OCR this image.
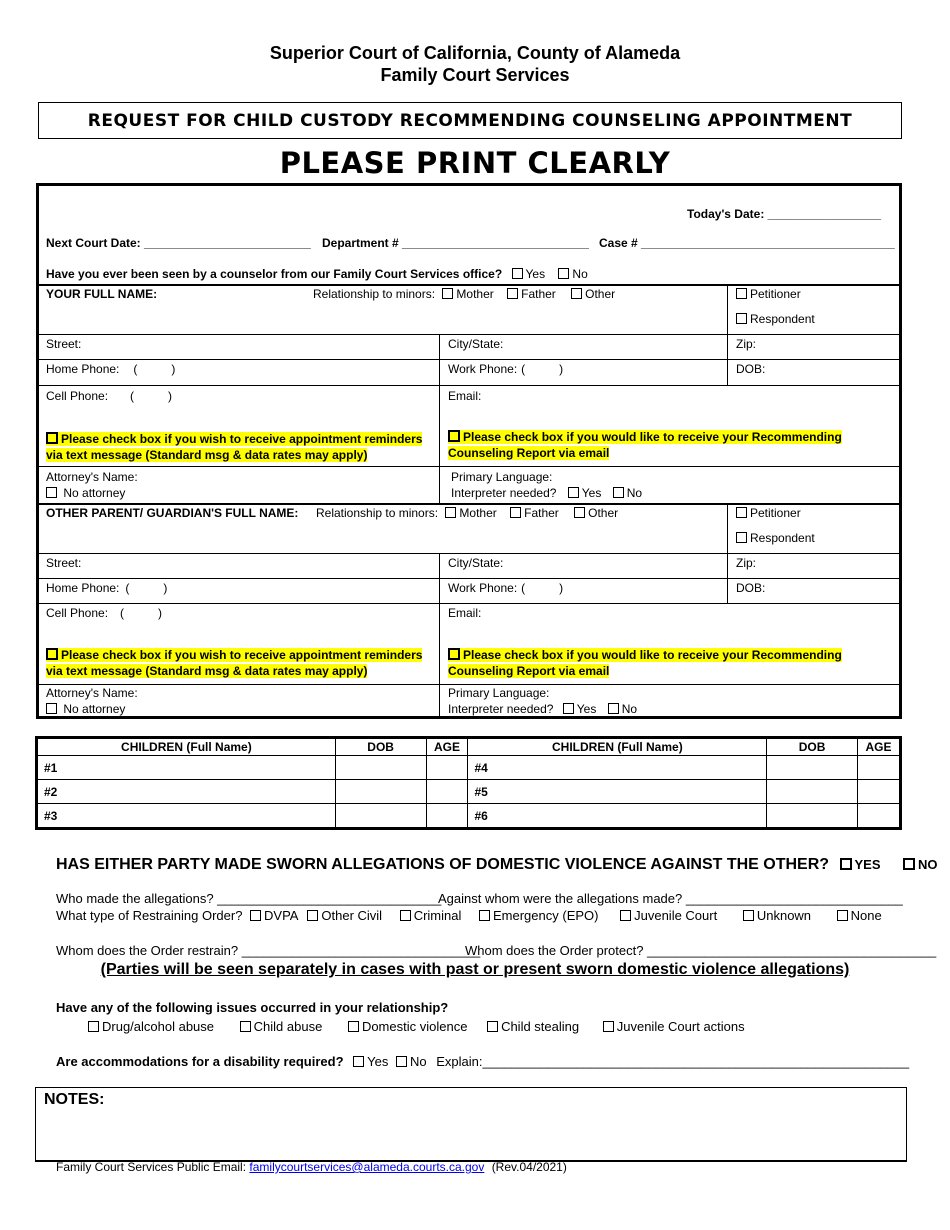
Superior Court of California, County of Alameda
Family Court Services
REQUEST FOR CHILD CUSTODY RECOMMENDING COUNSELING APPOINTMENT
PLEASE PRINT CLEARLY
Today's Date: _________________
Next Court Date: _________________________ Department # ____________________________ Case # ______________________________________
Have you ever been seen by a counselor from our Family Court Services office? Yes No
YOUR FULL NAME:	Relationship to minors: Mother Father Other	Petitioner
Respondent
Street:	City/State:	Zip:
Home Phone: (	)	Work Phone: (	)	DOB:
Cell Phone: (	)	Email:
Please check box if you wish to receive appointment reminders via text message (Standard msg & data rates may apply)
Please check box if you would like to receive your Recommending Counseling Report via email
Attorney's Name:
No attorney
Primary Language:
Interpreter needed? Yes No
OTHER PARENT/ GUARDIAN'S FULL NAME: Relationship to minors: Mother Father Other	Petitioner
Respondent
Street:	City/State:	Zip:
Home Phone: (	)	Work Phone: (	)	DOB:
Cell Phone: (	)	Email:
Please check box if you wish to receive appointment reminders via text message (Standard msg & data rates may apply)
Please check box if you would like to receive your Recommending Counseling Report via email
Attorney's Name:
No attorney
Primary Language:
Interpreter needed? Yes No
CHILDREN (Full Name)	DOB	AGE	CHILDREN (Full Name)	DOB	AGE
#1			#4		
#2			#5		
#3			#6		
HAS EITHER PARTY MADE SWORN ALLEGATIONS OF DOMESTIC VIOLENCE AGAINST THE OTHER? YES	NO
Who made the allegations? _______________________________
Against whom were the allegations made? ______________________________
What type of Restraining Order? DVPA Other Civil Criminal Emergency (EPO)	Juvenile Court	Unknown	None
Whom does the Order restrain? _________________________________
Whom does the Order protect? ________________________________________
(Parties will be seen separately in cases with past or present sworn domestic violence allegations)
Have any of the following issues occurred in your relationship?
Drug/alcohol abuse	Child abuse	Domestic violence	Child stealing	Juvenile Court actions
Are accommodations for a disability required? Yes No Explain:___________________________________________________________
NOTES:
Family Court Services Public Email: familycourtservices@alameda.courts.ca.gov (Rev.04/2021)
